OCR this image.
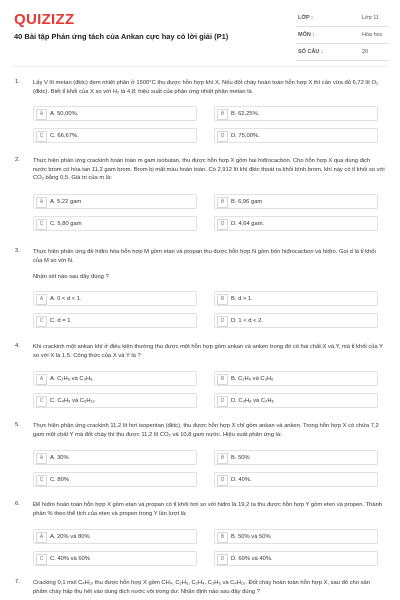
QUIZIZZ
40 Bài tập Phản ứng tách của Ankan cực hay có lời giải (P1)
LỚP :	Lớp 11
MÔN :	Hóa học
SỐ CÂU :	20
1. Lấy V lít metan (đktc) đem nhiệt phân ở 1500°C thu được hỗn hợp khí X. Nếu đốt cháy hoàn toàn hỗn hợp X thì cần vừa đủ 6,72 lít O₂ (đktc). Biết tỉ khối của X so với H₂ là 4,8; hiệu suất của phản ứng nhiệt phân metan là
A	A. 50,00%.	B	B. 62,25%.
C	C. 66,67%.	D	D. 75,00%.
2. Thực hiện phản ứng crackinh hoàn toàn m gam isobutan, thu được hỗn hợp X gồm hai hiđrocacbon. Cho hỗn hợp X qua dung dịch nước brom có hòa tan 11,2 gam brom. Brom bị mất màu hoàn toàn. Có 2,912 lít khí đktc thoát ra khỏi bình brom, khí này có tỉ khối so với CO₂ bằng 0,5. Giá trị của m là:
A	A. 5,22 gam	B	B. 6,96 gam
C	C. 5,80 gam	D	D. 4,64 gam.
3. Thực hiện phản ứng đề hiđro hóa hỗn hợp M gồm etan và propan thu được hỗn hợp N gồm bốn hiđrocacbon và hiđro. Gọi d là tỉ khối của M so với N.
Nhận xét nào sau đây đúng ?
A	A. 0 < d < 1.	B	B. d > 1.
C	C. d = 1	D	D. 1 < d < 2.
4. Khi crackinh một ankan khí ở điều kiện thường thu được một hỗn hợp gồm ankan và anken trong đó có hai chất X và Y, mà tỉ khối của Y so với X là 1,5. Công thức của X và Y là ?
A	A. C₂H₆ và C₃H₈	B	B. C₂H₄ và C₃H₆
C	C. C₄H₈ và C₆H₁₂	D	D. C₃H₈ và C₂H₆
5. Thực hiện phản ứng crackinh 11,2 lít hơi isopentan (đktc), thu được hỗn hợp X chỉ gồm ankan và anken. Trong hỗn hợp X có chứa 7,2 gam một chất Y mà đốt cháy thì thu được 11,2 lít CO₂ và 10,8 gam nước. Hiệu suất phản ứng là:
A	A. 30%	B	B. 50%
C	C. 80%	D	D. 40%.
6. Để hiđro hoàn toàn hỗn hợp X gồm etan và propan có tỉ khối hơi so với hiđro là 19,2 ta thu được hỗn hợp Y gồm eten và propen. Thành phần % theo thể tích của eten và propen trong Y lần lượt là:
A	A. 20% và 80%	B	B. 50% và 50%
C	C. 40% và 60%	D	D. 60% và 40%.
7. Cracking 0,1 mol C₄H₁₀ thu được hỗn hợp X gồm CH₄, C₂H₆, C₂H₄, C₃H₆ và C₄H₁₀. Đốt cháy hoàn toàn hỗn hợp X, sau đó cho sản phẩm cháy hấp thụ hết vào dung dịch nước vôi trong dư. Nhận định nào sau đây đúng ?
